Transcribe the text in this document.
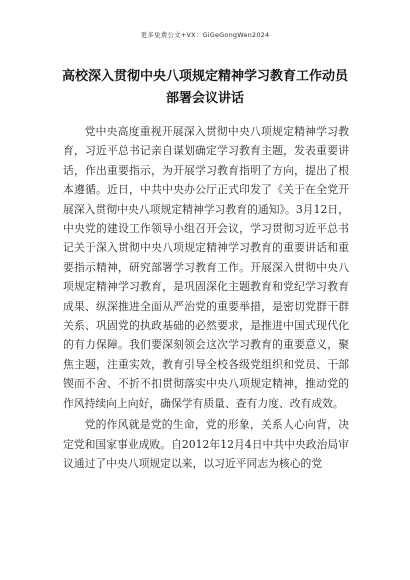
更多免费公文+VX：GiGeGongWen2024
高校深入贯彻中央八项规定精神学习教育工作动员部署会议讲话

党中央高度重视开展深入贯彻中央八项规定精神学习教育，习近平总书记亲自谋划确定学习教育主题，发表重要讲话，作出重要指示，为开展学习教育指明了方向，提出了根本遵循。近日，中共中央办公厅正式印发了《关于在全党开展深入贯彻中央八项规定精神学习教育的通知》。3月12日，中央党的建设工作领导小组召开会议，学习贯彻习近平总书记关于深入贯彻中央八项规定精神学习教育的重要讲话和重要指示精神，研究部署学习教育工作。开展深入贯彻中央八项规定精神学习教育，是巩固深化主题教育和党纪学习教育成果、纵深推进全面从严治党的重要举措，是密切党群干群关系、巩固党的执政基础的必然要求，是推进中国式现代化的有力保障。我们要深刻领会这次学习教育的重要意义，聚焦主题，注重实效，教育引导全校各级党组织和党员、干部锲而不舍、不折不扣贯彻落实中央八项规定精神，推动党的作风持续向上向好，确保学有质量、查有力度、改有成效。

党的作风就是党的生命，党的形象，关系人心向背，决定党和国家事业成败。自2012年12月4日中共中央政治局审议通过了中央八项规定以来，以习近平同志为核心的党
